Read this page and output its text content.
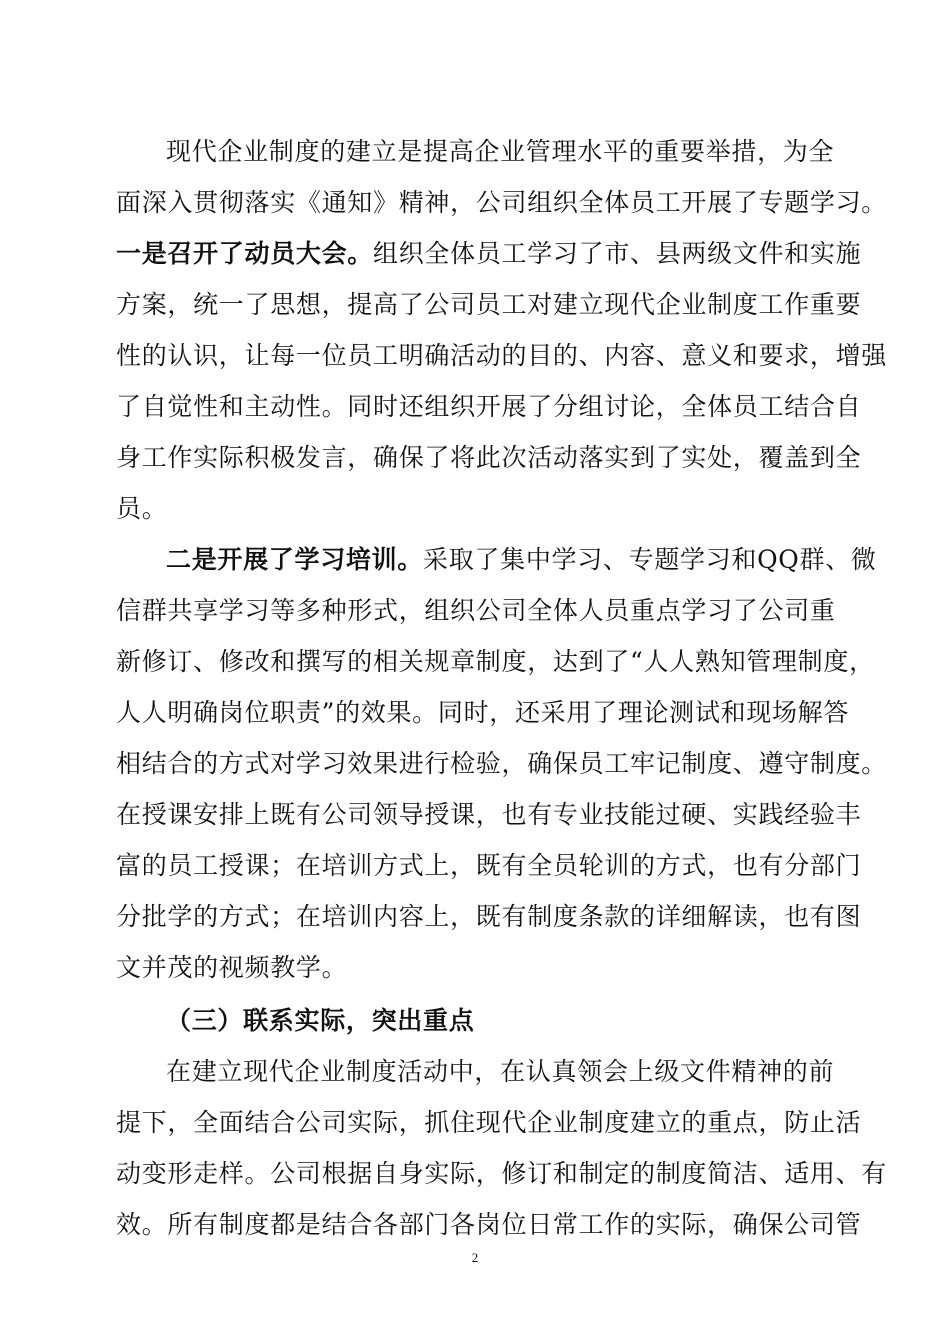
现代企业制度的建立是提高企业管理水平的重要举措，为全
面深入贯彻落实《通知》精神，公司组织全体员工开展了专题学习。
一是召开了动员大会。组织全体员工学习了市、县两级文件和实施
方案，统一了思想，提高了公司员工对建立现代企业制度工作重要
性的认识，让每一位员工明确活动的目的、内容、意义和要求，增强
了自觉性和主动性。同时还组织开展了分组讨论，全体员工结合自
身工作实际积极发言，确保了将此次活动落实到了实处，覆盖到全
员。
二是开展了学习培训。采取了集中学习、专题学习和QQ群、微
信群共享学习等多种形式，组织公司全体人员重点学习了公司重
新修订、修改和撰写的相关规章制度，达到了“人人熟知管理制度，
人人明确岗位职责”的效果。同时，还采用了理论测试和现场解答
相结合的方式对学习效果进行检验，确保员工牢记制度、遵守制度。
在授课安排上既有公司领导授课，也有专业技能过硬、实践经验丰
富的员工授课；在培训方式上，既有全员轮训的方式，也有分部门
分批学的方式；在培训内容上，既有制度条款的详细解读，也有图
文并茂的视频教学。
（三）联系实际，突出重点
在建立现代企业制度活动中，在认真领会上级文件精神的前
提下，全面结合公司实际，抓住现代企业制度建立的重点，防止活
动变形走样。公司根据自身实际，修订和制定的制度简洁、适用、有
效。所有制度都是结合各部门各岗位日常工作的实际，确保公司管
2
